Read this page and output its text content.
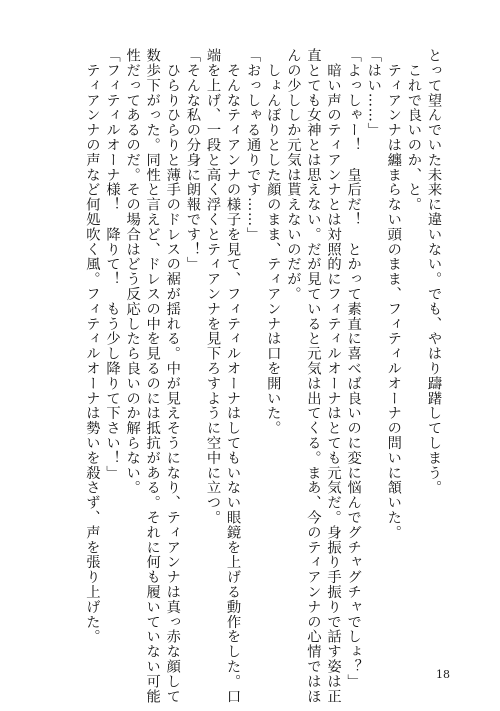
とって望んでいた未来に違いない。でも、やはり躊躇してしまう。
　これで良いのか、と。
　ティアンナは纏まらない頭のまま、フィティルオーナの問いに頷いた。
「はい……」
「よっしゃー！　皇后だ！　とかって素直に喜べば良いのに変に悩んでグチャグチャでしょ？」
　暗い声のティアンナとは対照的にフィティルオーナはとても元気だ。身振り手振りで話す姿は正
直とても女神とは思えない。だが見ていると元気は出てくる。まあ、今のティアンナの心情ではほ
んの少ししか元気は貰えないのだが。
　しょんぼりとした顔のまま、ティアンナは口を開いた。
「おっしゃる通りです……」
　そんなティアンナの様子を見て、フィティルオーナはしてもいない眼鏡を上げる動作をした。口
端を上げ、一段と高く浮くとティアンナを見下ろすように空中に立つ。
「そんな私の分身に朗報です！」
　ひらりひらりと薄手のドレスの裾が揺れる。中が見えそうになり、ティアンナは真っ赤な顔して
数歩下がった。同性と言えど、ドレスの中を見るのには抵抗がある。それに何も履いていない可能
性だってあるのだ。その場合はどう反応したら良いのか解らない。
「フィティルオーナ様！　降りて！　もう少し降りて下さい！」
　ティアンナの声など何処吹く風。フィティルオーナは勢いを殺さず、声を張り上げた。
18
